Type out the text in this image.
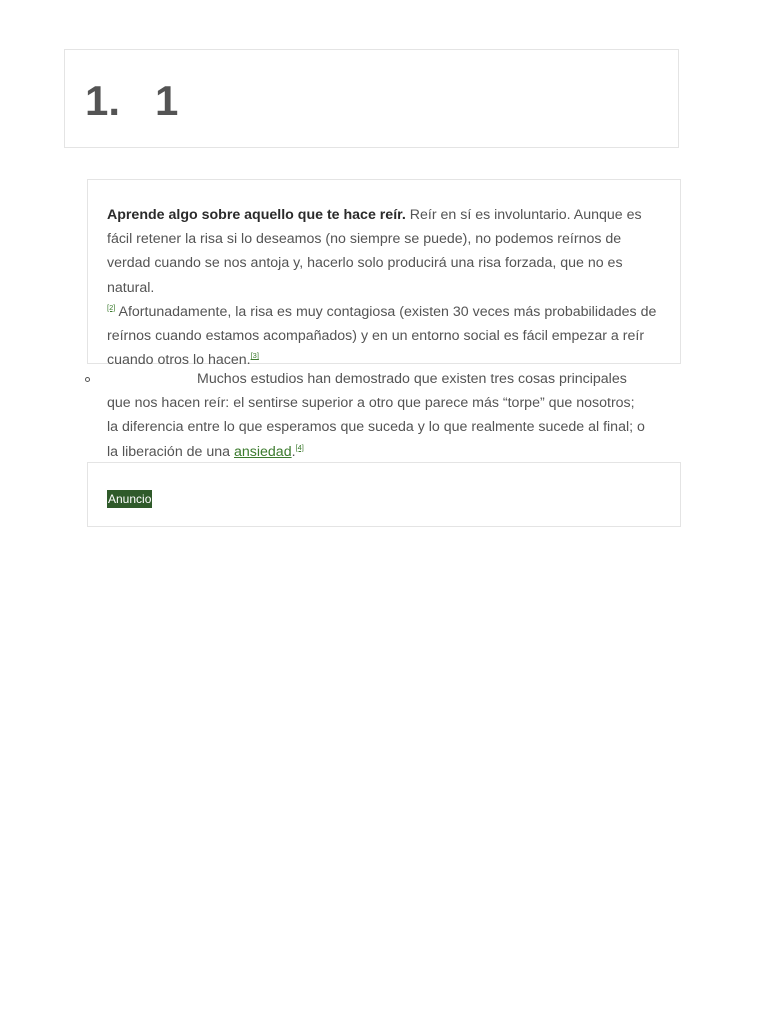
1.   1
Aprende algo sobre aquello que te hace reír. Reír en sí es involuntario. Aunque es fácil retener la risa si lo deseamos (no siempre se puede), no podemos reírnos de verdad cuando se nos antoja y, hacerlo solo producirá una risa forzada, que no es natural.
[2] Afortunadamente, la risa es muy contagiosa (existen 30 veces más probabilidades de reírnos cuando estamos acompañados) y en un entorno social es fácil empezar a reír cuando otros lo hacen.[3]
Muchos estudios han demostrado que existen tres cosas principales que nos hacen reír: el sentirse superior a otro que parece más “torpe” que nosotros; la diferencia entre lo que esperamos que suceda y lo que realmente sucede al final; o la liberación de una ansiedad.[4]
Anuncio
